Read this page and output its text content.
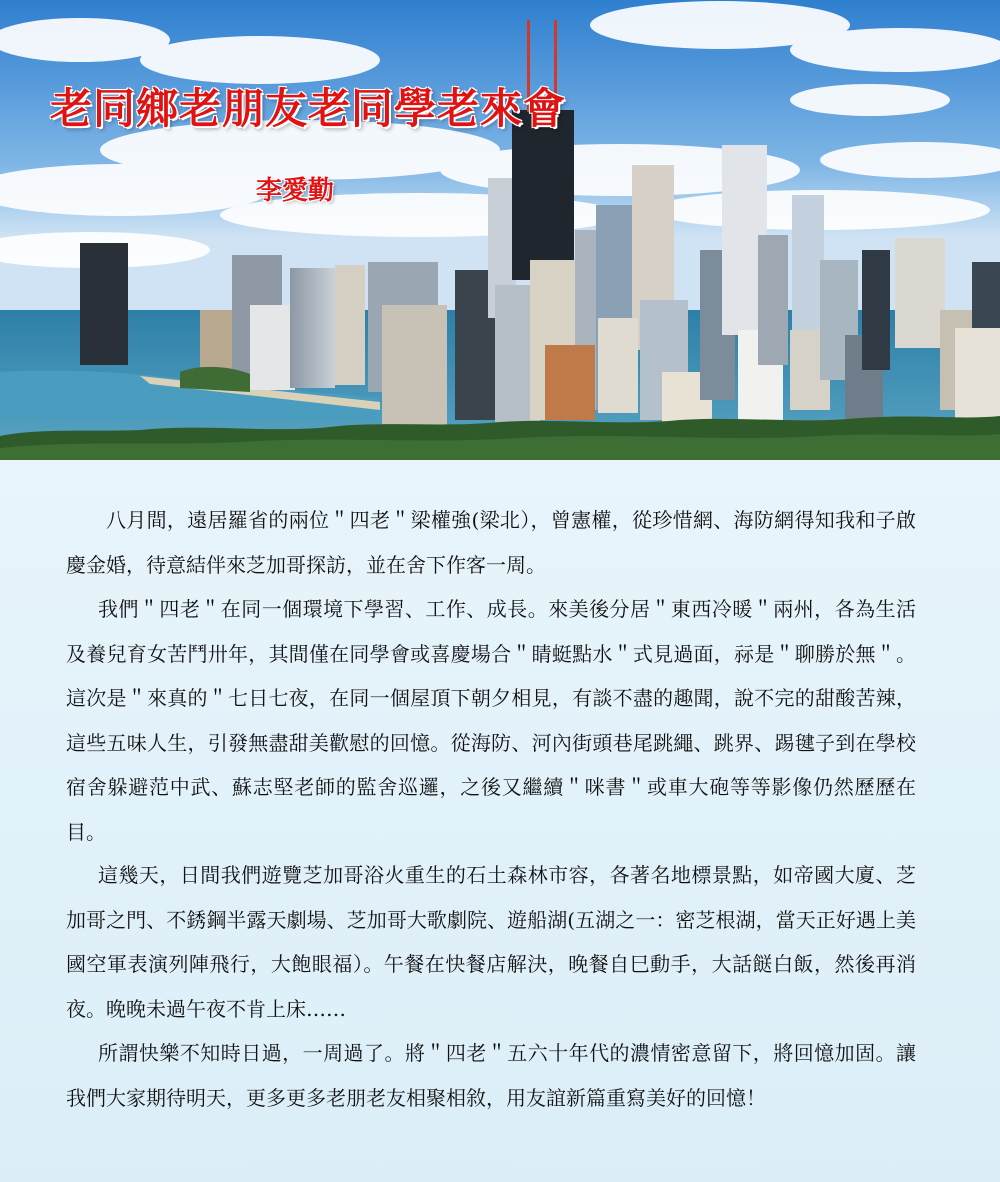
老同鄉老朋友老同學老來會
李愛勤

八月間，遠居羅省的兩位＂四老＂梁權強(梁北），曾憲權，從珍惜網、海防網得知我和子啟慶金婚，待意結伴來芝加哥探訪，並在舍下作客一周。

我們＂四老＂在同一個環境下學習、工作、成長。來美後分居＂東西冷暖＂兩州，各為生活及養兒育女苦鬥卅年，其間僅在同學會或喜慶場合＂睛蜓點水＂式見過面，祘是＂聊勝於無＂。這次是＂來真的＂七日七夜，在同一個屋頂下朝夕相見，有談不盡的趣聞，說不完的甜酸苦辣，這些五味人生，引發無盡甜美歡慰的回憶。從海防、河內街頭巷尾跳繩、跳界、踢毽子到在學校宿舍躲避范中武、蘇志堅老師的監舍巡邏，之後又繼續＂咪書＂或車大砲等等影像仍然歷歷在目。

這幾天，日間我們遊覽芝加哥浴火重生的石土森林市容，各著名地標景點，如帝國大廈、芝加哥之門、不銹鋼半露天劇場、芝加哥大歌劇院、遊船湖(五湖之一：密芝根湖，當天正好遇上美國空軍表演列陣飛行，大飽眼福）。午餐在快餐店解決，晚餐自巳動手，大話餸白飯，然後再消夜。晚晚未過午夜不肯上床……

所謂快樂不知時日過，一周過了。將＂四老＂五六十年代的濃情密意留下，將回憶加固。讓我們大家期待明天，更多更多老朋老友相聚相敘，用友誼新篇重寫美好的回憶！
